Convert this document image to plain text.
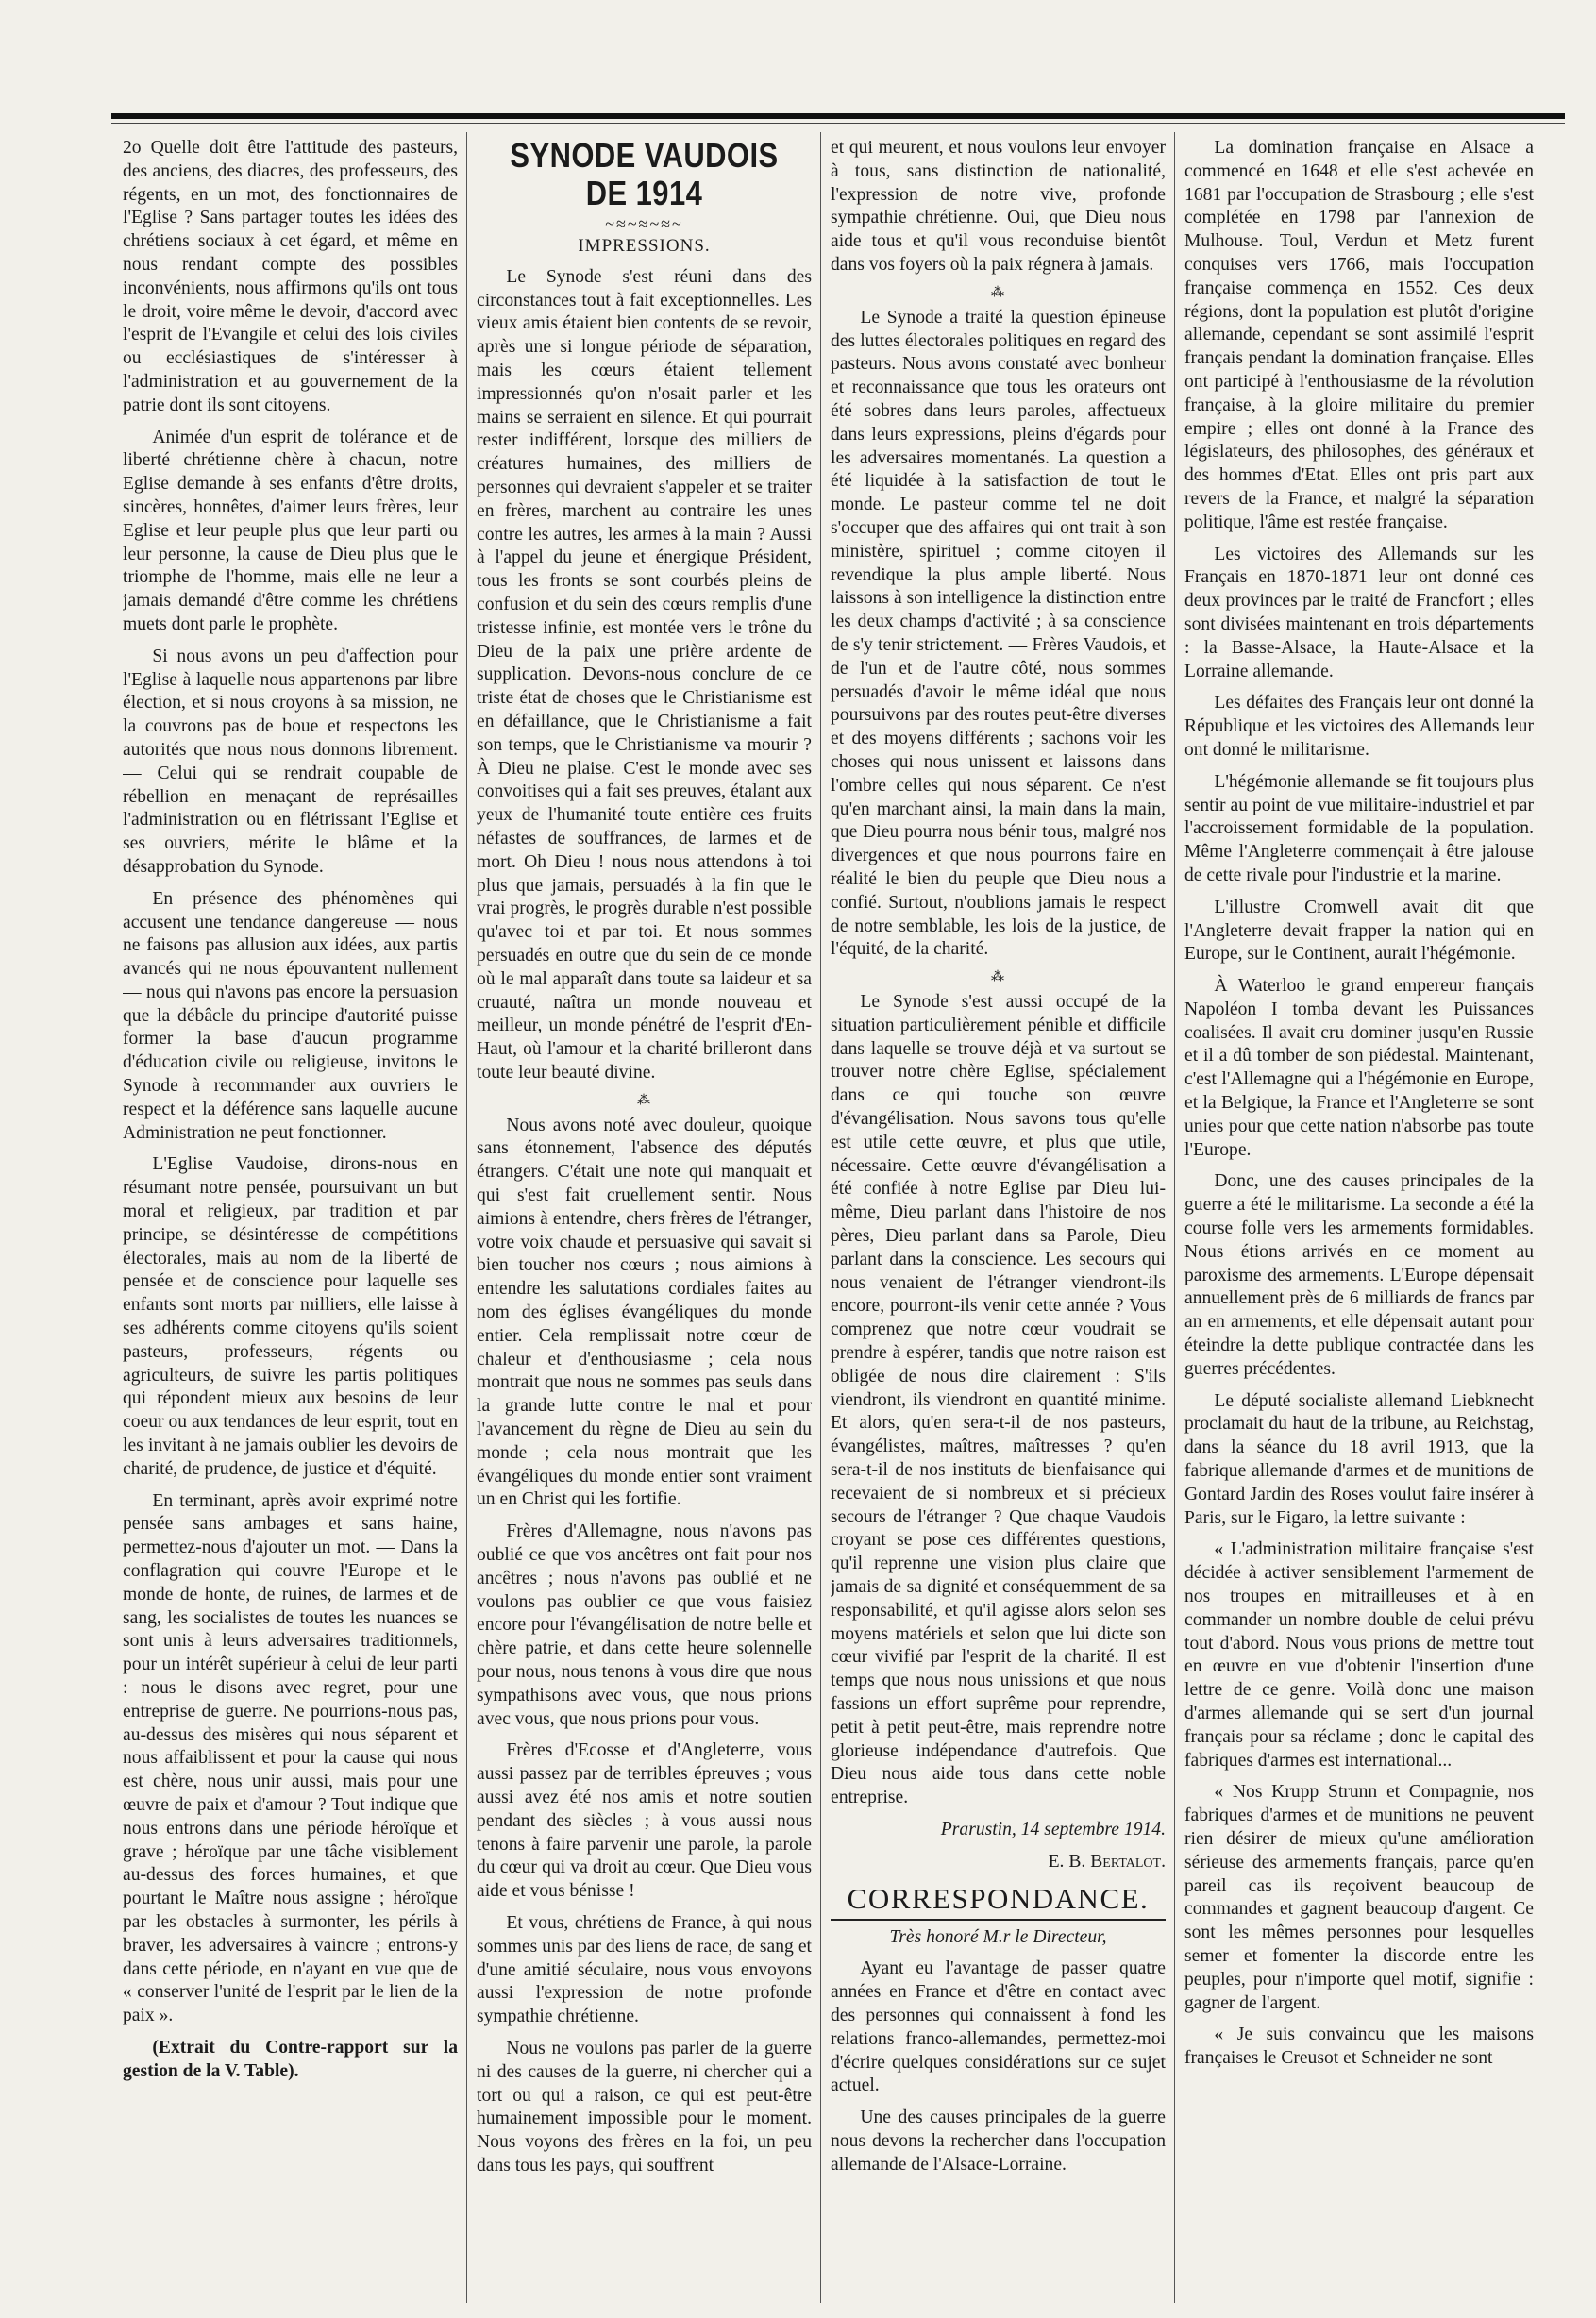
2o Quelle doit être l'attitude des pasteurs, des anciens, des diacres, des professeurs, des régents, en un mot, des fonctionnaires de l'Eglise ? Sans partager toutes les idées des chrétiens sociaux à cet égard, et même en nous rendant compte des possibles inconvénients, nous affirmons qu'ils ont tous le droit, voire même le devoir, d'accord avec l'esprit de l'Evangile et celui des lois civiles ou ecclésiastiques de s'intéresser à l'administration et au gouvernement de la patrie dont ils sont citoyens.

Animée d'un esprit de tolérance et de liberté chrétienne chère à chacun, notre Eglise demande à ses enfants d'être droits, sincères, honnêtes, d'aimer leurs frères, leur Eglise et leur peuple plus que leur parti ou leur personne, la cause de Dieu plus que le triomphe de l'homme, mais elle ne leur a jamais demandé d'être comme les chrétiens muets dont parle le prophète.

Si nous avons un peu d'affection pour l'Eglise à laquelle nous appartenons par libre élection, et si nous croyons à sa mission, ne la couvrons pas de boue et respectons les autorités que nous nous donnons librement. — Celui qui se rendrait coupable de rébellion en menaçant de représailles l'administration ou en flétrissant l'Eglise et ses ouvriers, mérite le blâme et la désapprobation du Synode.

En présence des phénomènes qui accusent une tendance dangereuse — nous ne faisons pas allusion aux idées, aux partis avancés qui ne nous épouvantent nullement — nous qui n'avons pas encore la persuasion que la débâcle du principe d'autorité puisse former la base d'aucun programme d'éducation civile ou religieuse, invitons le Synode à recommander aux ouvriers le respect et la déférence sans laquelle aucune Administration ne peut fonctionner.

L'Eglise Vaudoise, dirons-nous en résumant notre pensée, poursuivant un but moral et religieux, par tradition et par principe, se désintéresse de compétitions électorales, mais au nom de la liberté de pensée et de conscience pour laquelle ses enfants sont morts par milliers, elle laisse à ses adhérents comme citoyens qu'ils soient pasteurs, professeurs, régents ou agriculteurs, de suivre les partis politiques qui répondent mieux aux besoins de leur coeur ou aux tendances de leur esprit, tout en les invitant à ne jamais oublier les devoirs de charité, de prudence, de justice et d'équité.

En terminant, après avoir exprimé notre pensée sans ambages et sans haine, permettez-nous d'ajouter un mot. — Dans la conflagration qui couvre l'Europe et le monde de honte, de ruines, de larmes et de sang, les socialistes de toutes les nuances se sont unis à leurs adversaires traditionnels, pour un intérêt supérieur à celui de leur parti : nous le disons avec regret, pour une entreprise de guerre. Ne pourrions-nous pas, au-dessus des misères qui nous séparent et nous affaiblissent et pour la cause qui nous est chère, nous unir aussi, mais pour une œuvre de paix et d'amour ? Tout indique que nous entrons dans une période héroïque et grave ; héroïque par une tâche visiblement au-dessus des forces humaines, et que pourtant le Maître nous assigne ; héroïque par les obstacles à surmonter, les périls à braver, les adversaires à vaincre ; entrons-y dans cette période, en n'ayant en vue que de « conserver l'unité de l'esprit par le lien de la paix ».

(Extrait du Contre-rapport sur la gestion de la V. Table).

SYNODE VAUDOIS DE 1914
~≈~≈~≈~
IMPRESSIONS.

Le Synode s'est réuni dans des circonstances tout à fait exceptionnelles. Les vieux amis étaient bien contents de se revoir, après une si longue période de séparation, mais les cœurs étaient tellement impressionnés qu'on n'osait parler et les mains se serraient en silence. Et qui pourrait rester indifférent, lorsque des milliers de créatures humaines, des milliers de personnes qui devraient s'appeler et se traiter en frères, marchent au contraire les unes contre les autres, les armes à la main ? Aussi à l'appel du jeune et énergique Président, tous les fronts se sont courbés pleins de confusion et du sein des cœurs remplis d'une tristesse infinie, est montée vers le trône du Dieu de la paix une prière ardente de supplication. Devons-nous conclure de ce triste état de choses que le Christianisme est en défaillance, que le Christianisme a fait son temps, que le Christianisme va mourir ? À Dieu ne plaise. C'est le monde avec ses convoitises qui a fait ses preuves, étalant aux yeux de l'humanité toute entière ces fruits néfastes de souffrances, de larmes et de mort. Oh Dieu ! nous nous attendons à toi plus que jamais, persuadés à la fin que le vrai progrès, le progrès durable n'est possible qu'avec toi et par toi. Et nous sommes persuadés en outre que du sein de ce monde où le mal apparaît dans toute sa laideur et sa cruauté, naîtra un monde nouveau et meilleur, un monde pénétré de l'esprit d'En-Haut, où l'amour et la charité brilleront dans toute leur beauté divine.

⁂

Nous avons noté avec douleur, quoique sans étonnement, l'absence des députés étrangers. C'était une note qui manquait et qui s'est fait cruellement sentir. Nous aimions à entendre, chers frères de l'étranger, votre voix chaude et persuasive qui savait si bien toucher nos cœurs ; nous aimions à entendre les salutations cordiales faites au nom des églises évangéliques du monde entier. Cela remplissait notre cœur de chaleur et d'enthousiasme ; cela nous montrait que nous ne sommes pas seuls dans la grande lutte contre le mal et pour l'avancement du règne de Dieu au sein du monde ; cela nous montrait que les évangéliques du monde entier sont vraiment un en Christ qui les fortifie.

Frères d'Allemagne, nous n'avons pas oublié ce que vos ancêtres ont fait pour nos ancêtres ; nous n'avons pas oublié et ne voulons pas oublier ce que vous faisiez encore pour l'évangélisation de notre belle et chère patrie, et dans cette heure solennelle pour nous, nous tenons à vous dire que nous sympathisons avec vous, que nous prions avec vous, que nous prions pour vous.

Frères d'Ecosse et d'Angleterre, vous aussi passez par de terribles épreuves ; vous aussi avez été nos amis et notre soutien pendant des siècles ; à vous aussi nous tenons à faire parvenir une parole, la parole du cœur qui va droit au cœur. Que Dieu vous aide et vous bénisse !

Et vous, chrétiens de France, à qui nous sommes unis par des liens de race, de sang et d'une amitié séculaire, nous vous envoyons aussi l'expression de notre profonde sympathie chrétienne.

Nous ne voulons pas parler de la guerre ni des causes de la guerre, ni chercher qui a tort ou qui a raison, ce qui est peut-être humainement impossible pour le moment. Nous voyons des frères en la foi, un peu dans tous les pays, qui souffrent

et qui meurent, et nous voulons leur envoyer à tous, sans distinction de nationalité, l'expression de notre vive, profonde sympathie chrétienne. Oui, que Dieu nous aide tous et qu'il vous reconduise bientôt dans vos foyers où la paix régnera à jamais.

⁂

Le Synode a traité la question épineuse des luttes électorales politiques en regard des pasteurs. Nous avons constaté avec bonheur et reconnaissance que tous les orateurs ont été sobres dans leurs paroles, affectueux dans leurs expressions, pleins d'égards pour les adversaires momentanés. La question a été liquidée à la satisfaction de tout le monde. Le pasteur comme tel ne doit s'occuper que des affaires qui ont trait à son ministère, spirituel ; comme citoyen il revendique la plus ample liberté. Nous laissons à son intelligence la distinction entre les deux champs d'activité ; à sa conscience de s'y tenir strictement. — Frères Vaudois, et de l'un et de l'autre côté, nous sommes persuadés d'avoir le même idéal que nous poursuivons par des routes peut-être diverses et des moyens différents ; sachons voir les choses qui nous unissent et laissons dans l'ombre celles qui nous séparent. Ce n'est qu'en marchant ainsi, la main dans la main, que Dieu pourra nous bénir tous, malgré nos divergences et que nous pourrons faire en réalité le bien du peuple que Dieu nous a confié. Surtout, n'oublions jamais le respect de notre semblable, les lois de la justice, de l'équité, de la charité.

⁂

Le Synode s'est aussi occupé de la situation particulièrement pénible et difficile dans laquelle se trouve déjà et va surtout se trouver notre chère Eglise, spécialement dans ce qui touche son œuvre d'évangélisation. Nous savons tous qu'elle est utile cette œuvre, et plus que utile, nécessaire. Cette œuvre d'évangélisation a été confiée à notre Eglise par Dieu lui-même, Dieu parlant dans l'histoire de nos pères, Dieu parlant dans sa Parole, Dieu parlant dans la conscience. Les secours qui nous venaient de l'étranger viendront-ils encore, pourront-ils venir cette année ? Vous comprenez que notre cœur voudrait se prendre à espérer, tandis que notre raison est obligée de nous dire clairement : S'ils viendront, ils viendront en quantité minime. Et alors, qu'en sera-t-il de nos pasteurs, évangélistes, maîtres, maîtresses ? qu'en sera-t-il de nos instituts de bienfaisance qui recevaient de si nombreux et si précieux secours de l'étranger ? Que chaque Vaudois croyant se pose ces différentes questions, qu'il reprenne une vision plus claire que jamais de sa dignité et conséquemment de sa responsabilité, et qu'il agisse alors selon ses moyens matériels et selon que lui dicte son cœur vivifié par l'esprit de la charité. Il est temps que nous nous unissions et que nous fassions un effort suprême pour reprendre, petit à petit peut-être, mais reprendre notre glorieuse indépendance d'autrefois. Que Dieu nous aide tous dans cette noble entreprise.

Prarustin, 14 septembre 1914.

E. B. Bertalot.

CORRESPONDANCE.

Très honoré M.r le Directeur,

Ayant eu l'avantage de passer quatre années en France et d'être en contact avec des personnes qui connaissent à fond les relations franco-allemandes, permettez-moi d'écrire quelques considérations sur ce sujet actuel.

Une des causes principales de la guerre nous devons la rechercher dans l'occupation allemande de l'Alsace-Lorraine.

La domination française en Alsace a commencé en 1648 et elle s'est achevée en 1681 par l'occupation de Strasbourg ; elle s'est complétée en 1798 par l'annexion de Mulhouse. Toul, Verdun et Metz furent conquises vers 1766, mais l'occupation française commença en 1552. Ces deux régions, dont la population est plutôt d'origine allemande, cependant se sont assimilé l'esprit français pendant la domination française. Elles ont participé à l'enthousiasme de la révolution française, à la gloire militaire du premier empire ; elles ont donné à la France des législateurs, des philosophes, des généraux et des hommes d'Etat. Elles ont pris part aux revers de la France, et malgré la séparation politique, l'âme est restée française.

Les victoires des Allemands sur les Français en 1870-1871 leur ont donné ces deux provinces par le traité de Francfort ; elles sont divisées maintenant en trois départements : la Basse-Alsace, la Haute-Alsace et la Lorraine allemande.

Les défaites des Français leur ont donné la République et les victoires des Allemands leur ont donné le militarisme.

L'hégémonie allemande se fit toujours plus sentir au point de vue militaire-industriel et par l'accroissement formidable de la population. Même l'Angleterre commençait à être jalouse de cette rivale pour l'industrie et la marine.

L'illustre Cromwell avait dit que l'Angleterre devait frapper la nation qui en Europe, sur le Continent, aurait l'hégémonie.

À Waterloo le grand empereur français Napoléon I tomba devant les Puissances coalisées. Il avait cru dominer jusqu'en Russie et il a dû tomber de son piédestal. Maintenant, c'est l'Allemagne qui a l'hégémonie en Europe, et la Belgique, la France et l'Angleterre se sont unies pour que cette nation n'absorbe pas toute l'Europe.

Donc, une des causes principales de la guerre a été le militarisme. La seconde a été la course folle vers les armements formidables. Nous étions arrivés en ce moment au paroxisme des armements. L'Europe dépensait annuellement près de 6 milliards de francs par an en armements, et elle dépensait autant pour éteindre la dette publique contractée dans les guerres précédentes.

Le député socialiste allemand Liebknecht proclamait du haut de la tribune, au Reichstag, dans la séance du 18 avril 1913, que la fabrique allemande d'armes et de munitions de Gontard Jardin des Roses voulut faire insérer à Paris, sur le Figaro, la lettre suivante :

« L'administration militaire française s'est décidée à activer sensiblement l'armement de nos troupes en mitrailleuses et à en commander un nombre double de celui prévu tout d'abord. Nous vous prions de mettre tout en œuvre en vue d'obtenir l'insertion d'une lettre de ce genre. Voilà donc une maison d'armes allemande qui se sert d'un journal français pour sa réclame ; donc le capital des fabriques d'armes est international...

« Nos Krupp Strunn et Compagnie, nos fabriques d'armes et de munitions ne peuvent rien désirer de mieux qu'une amélioration sérieuse des armements français, parce qu'en pareil cas ils reçoivent beaucoup de commandes et gagnent beaucoup d'argent. Ce sont les mêmes personnes pour lesquelles semer et fomenter la discorde entre les peuples, pour n'importe quel motif, signifie : gagner de l'argent.

« Je suis convaincu que les maisons françaises le Creusot et Schneider ne sont
